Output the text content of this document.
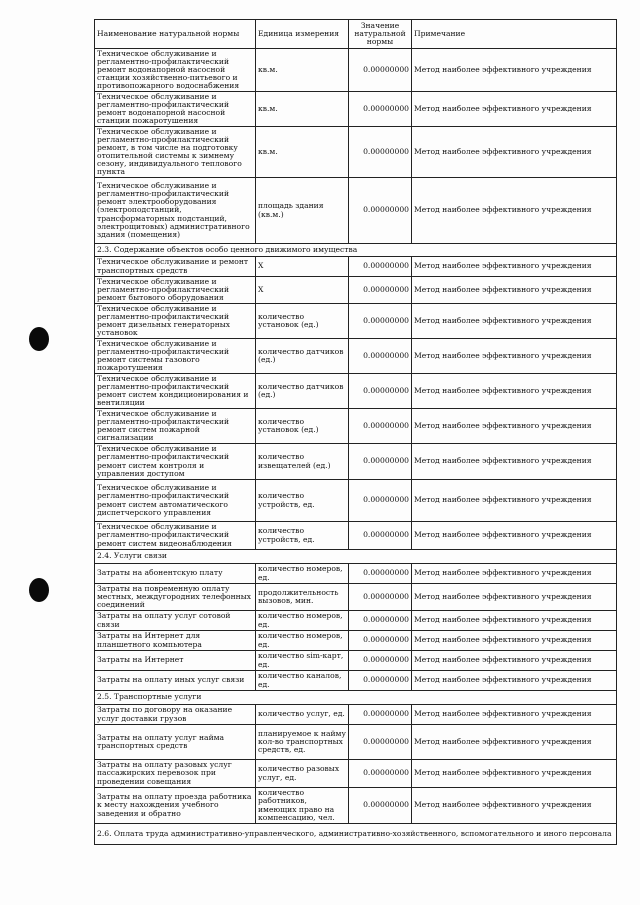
Наименование натуральной нормы	Единица измерения	Значение натуральной нормы	Примечание
Техническое обслуживание и регламентно-профилактический ремонт водонапорной насосной станции хозяйственно-питьевого и противопожарного водоснабжения	кв.м.	0.00000000	Метод наиболее эффективного учреждения
Техническое обслуживание и регламентно-профилактический ремонт водонапорной насосной станции пожаротушения	кв.м.	0.00000000	Метод наиболее эффективного учреждения
Техническое обслуживание и регламентно-профилактический ремонт, в том числе на подготовку отопительной системы к зимнему сезону, индивидуального теплового пункта	кв.м.	0.00000000	Метод наиболее эффективного учреждения
Техническое обслуживание и регламентно-профилактический ремонт электрооборудования (электроподстанций, трансформаторных подстанций, электрощитовых) административного здания (помещения)	площадь здания (кв.м.)	0.00000000	Метод наиболее эффективного учреждения
2.3. Содержание объектов особо ценного движимого имущества			
Техническое обслуживание и ремонт транспортных средств	X	0.00000000	Метод наиболее эффективного учреждения
Техническое обслуживание и регламентно-профилактический ремонт бытового оборудования	X	0.00000000	Метод наиболее эффективного учреждения
Техническое обслуживание и регламентно-профилактический ремонт дизельных генераторных установок	количество установок (ед.)	0.00000000	Метод наиболее эффективного учреждения
Техническое обслуживание и регламентно-профилактический ремонт системы газового пожаротушения	количество датчиков (ед.)	0.00000000	Метод наиболее эффективного учреждения
Техническое обслуживание и регламентно-профилактический ремонт систем кондиционирования и вентиляции	количество датчиков (ед.)	0.00000000	Метод наиболее эффективного учреждения
Техническое обслуживание и регламентно-профилактический ремонт систем пожарной сигнализации	количество установок (ед.)	0.00000000	Метод наиболее эффективного учреждения
Техническое обслуживание и регламентно-профилактический ремонт систем контроля и управления доступом	количество извещателей (ед.)	0.00000000	Метод наиболее эффективного учреждения
Техническое обслуживание и регламентно-профилактический ремонт систем автоматического диспетчерского управления	количество устройств, ед.	0.00000000	Метод наиболее эффективного учреждения
Техническое обслуживание и регламентно-профилактический ремонт систем видеонаблюдения	количество устройств, ед.	0.00000000	Метод наиболее эффективного учреждения
2.4. Услуги связи			
Затраты на абонентскую плату	количество номеров, ед.	0.00000000	Метод наиболее эффективного учреждения
Затраты на повременную оплату местных, междугородних телефонных соединений	продолжительность вызовов, мин.	0.00000000	Метод наиболее эффективного учреждения
Затраты на оплату услуг сотовой связи	количество номеров, ед.	0.00000000	Метод наиболее эффективного учреждения
Затраты на Интернет для планшетного компьютера	количество номеров, ед.	0.00000000	Метод наиболее эффективного учреждения
Затраты на Интернет	количество sim-карт, ед.	0.00000000	Метод наиболее эффективного учреждения
Затраты на оплату иных услуг связи	количество каналов, ед.	0.00000000	Метод наиболее эффективного учреждения
2.5. Транспортные услуги			
Затраты по договору на оказание услуг доставки грузов	количество услуг, ед.	0.00000000	Метод наиболее эффективного учреждения
Затраты на оплату услуг найма транспортных средств	планируемое к найму кол-во транспортных средств, ед.	0.00000000	Метод наиболее эффективного учреждения
Затраты на оплату разовых услуг пассажирских перевозок при проведении совещания	количество разовых услуг, ед.	0.00000000	Метод наиболее эффективного учреждения
Затраты на оплату проезда работника к месту нахождения учебного заведения и обратно	количество работников, имеющих право на компенсацию, чел.	0.00000000	Метод наиболее эффективного учреждения
2.6. Оплата труда административно-управленческого, административно-хозяйственного, вспомогательного и иного персонала			
